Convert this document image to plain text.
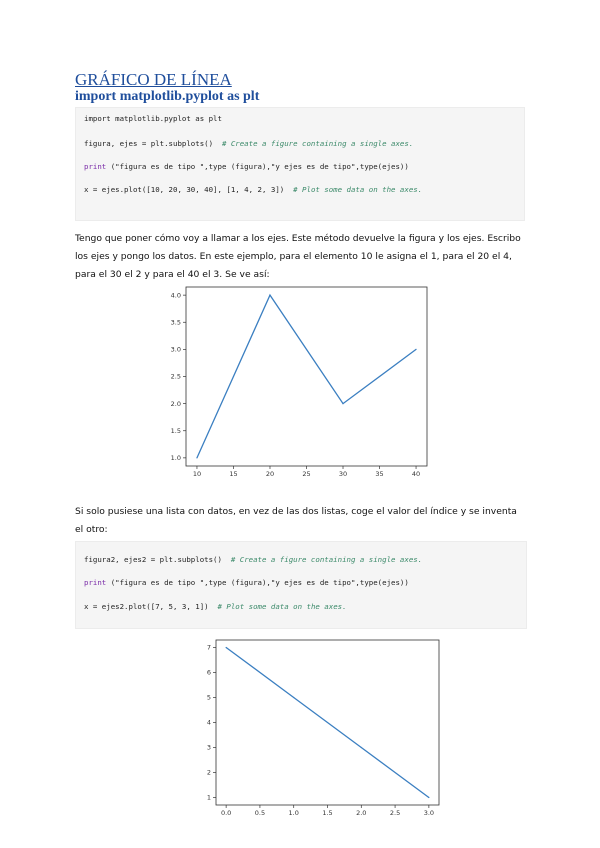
GRÁFICO DE LÍNEA
import matplotlib.pyplot as plt
import matplotlib.pyplot as plt
figura, ejes = plt.subplots()  # Create a figure containing a single axes.
print ("figura es de tipo ",type (figura),"y ejes es de tipo",type(ejes))
x = ejes.plot([10, 20, 30, 40], [1, 4, 2, 3])  # Plot some data on the axes.
Tengo que poner cómo voy a llamar a los ejes. Este método devuelve la figura y los ejes. Escribo los ejes y pongo los datos. En este ejemplo, para el elemento 10 le asigna el 1, para el 20 el 4, para el 30 el 2 y para el 40 el 3. Se ve así:
10	15	20	25	30	35	40
1.0
1.5
2.0
2.5
3.0
3.5
4.0
Si solo pusiese una lista con datos, en vez de las dos listas, coge el valor del índice y se inventa el otro:
figura2, ejes2 = plt.subplots()  # Create a figure containing a single axes.
print ("figura es de tipo ",type (figura),"y ejes es de tipo",type(ejes))
x = ejes2.plot([7, 5, 3, 1])  # Plot some data on the axes.
0.0	0.5	1.0	1.5	2.0	2.5	3.0
1
2
3
4
5
6
7
